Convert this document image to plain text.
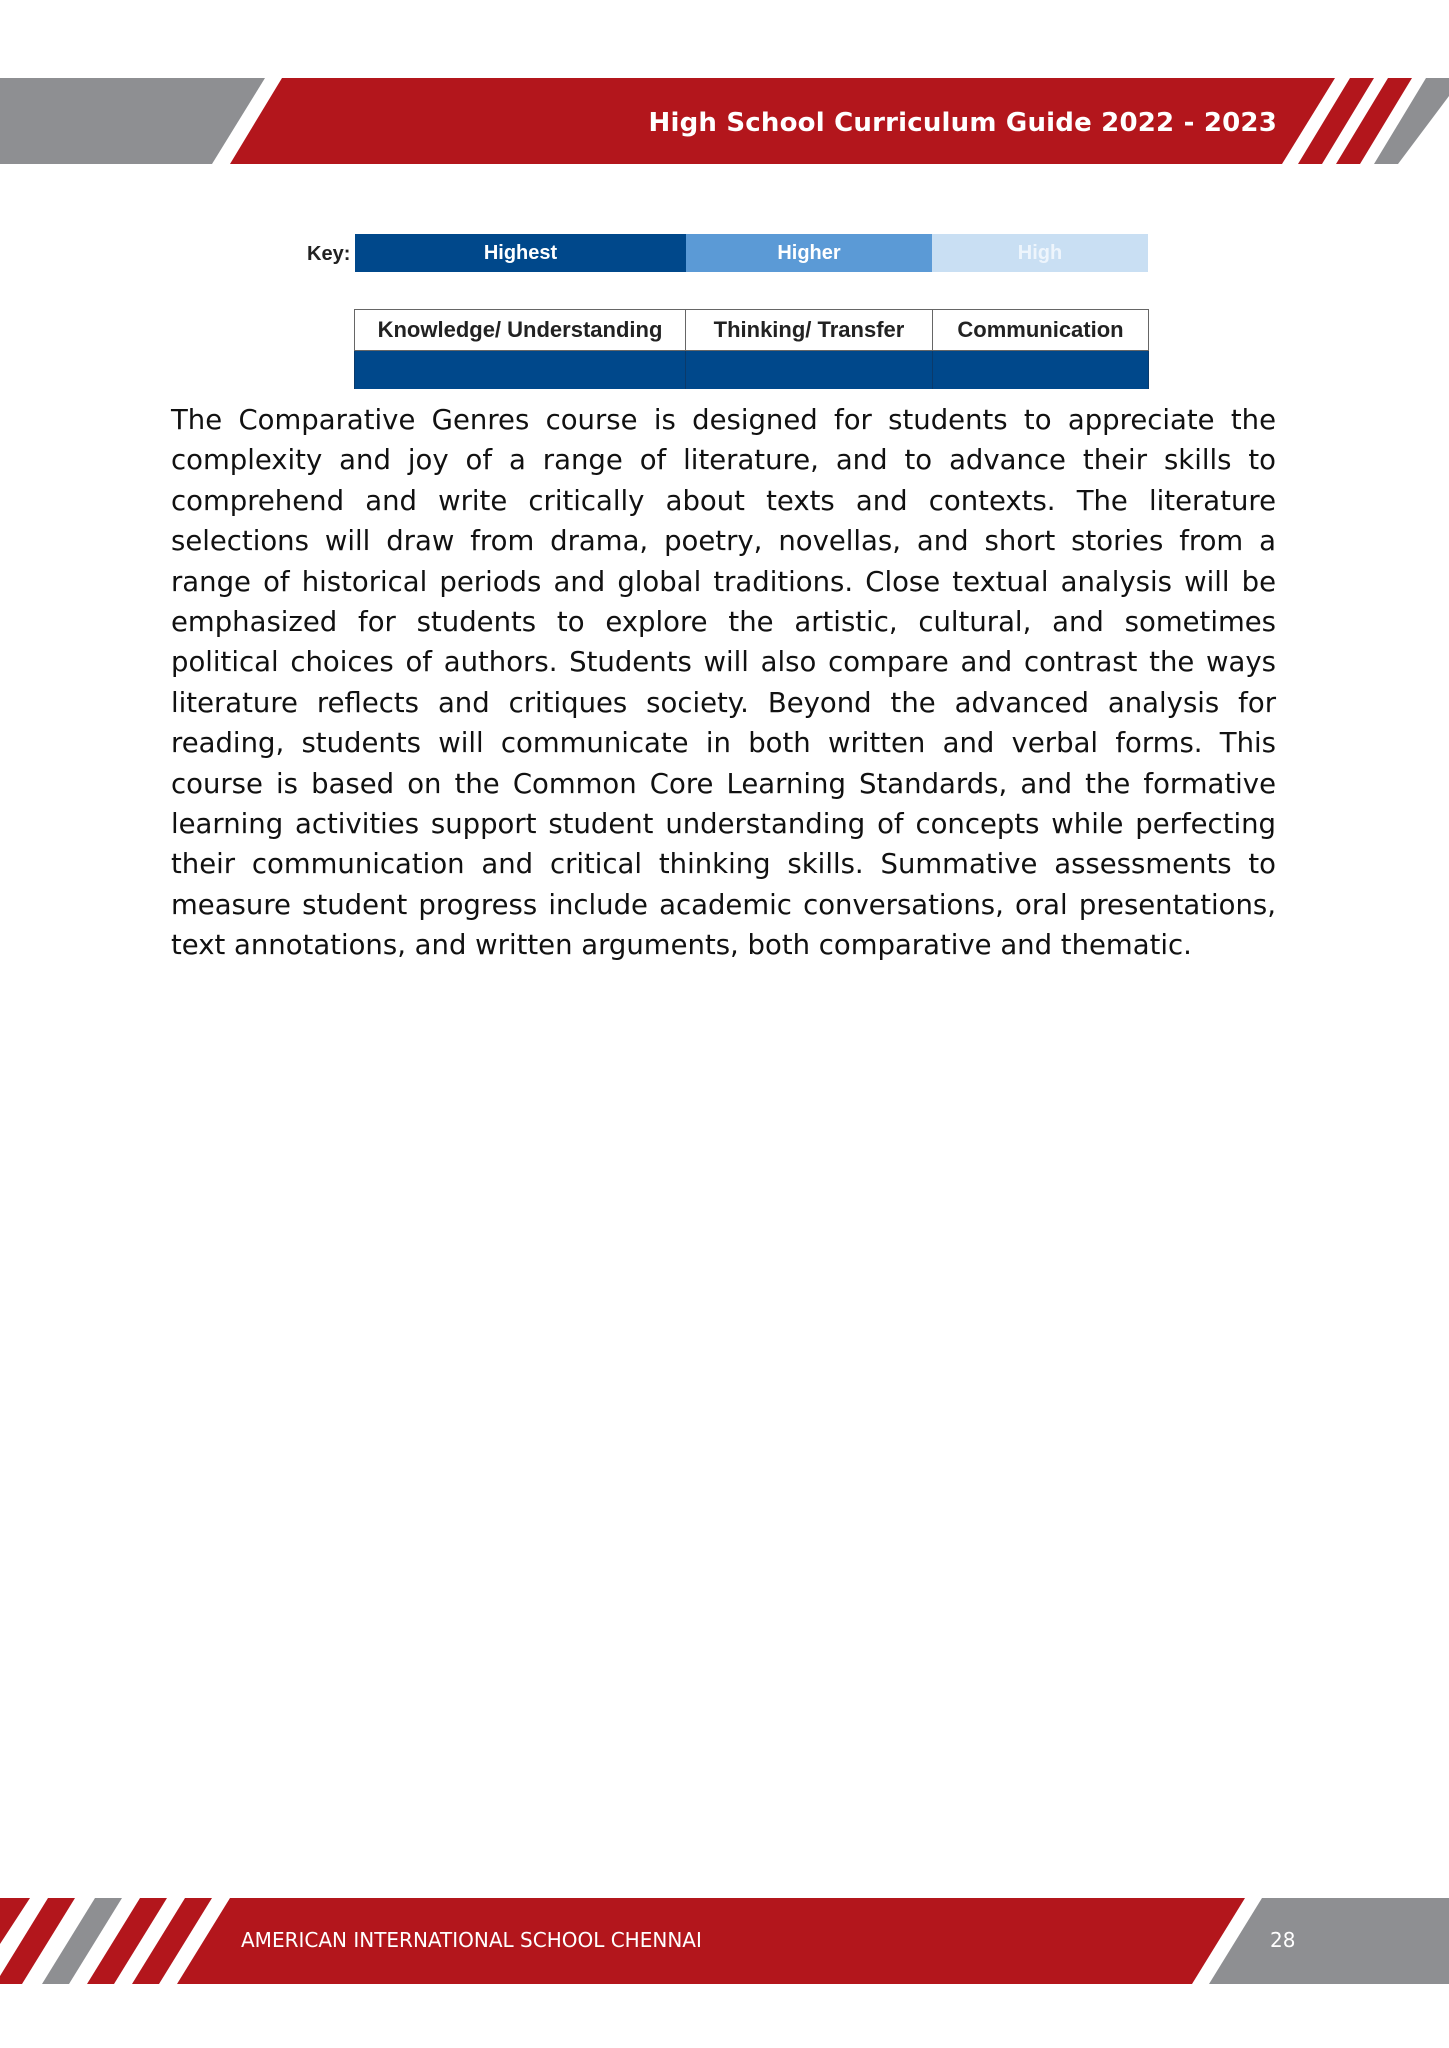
High School Curriculum Guide 2022 - 2023
Key:	Highest	Higher	High
Knowledge/ Understanding	Thinking/ Transfer	Communication

The Comparative Genres course is designed for students to appreciate the complexity and joy of a range of literature, and to advance their skills to comprehend and write critically about texts and contexts. The literature selections will draw from drama, poetry, novellas, and short stories from a range of historical periods and global traditions. Close textual analysis will be emphasized for students to explore the artistic, cultural, and sometimes political choices of authors. Students will also compare and contrast the ways literature reflects and critiques society. Beyond the advanced analysis for reading, students will communicate in both written and verbal forms. This course is based on the Common Core Learning Standards, and the formative learning activities support student understanding of concepts while perfecting their communication and critical thinking skills. Summative assessments to measure student progress include academic conversations, oral presentations, text annotations, and written arguments, both comparative and thematic.

AMERICAN INTERNATIONAL SCHOOL CHENNAI	28
